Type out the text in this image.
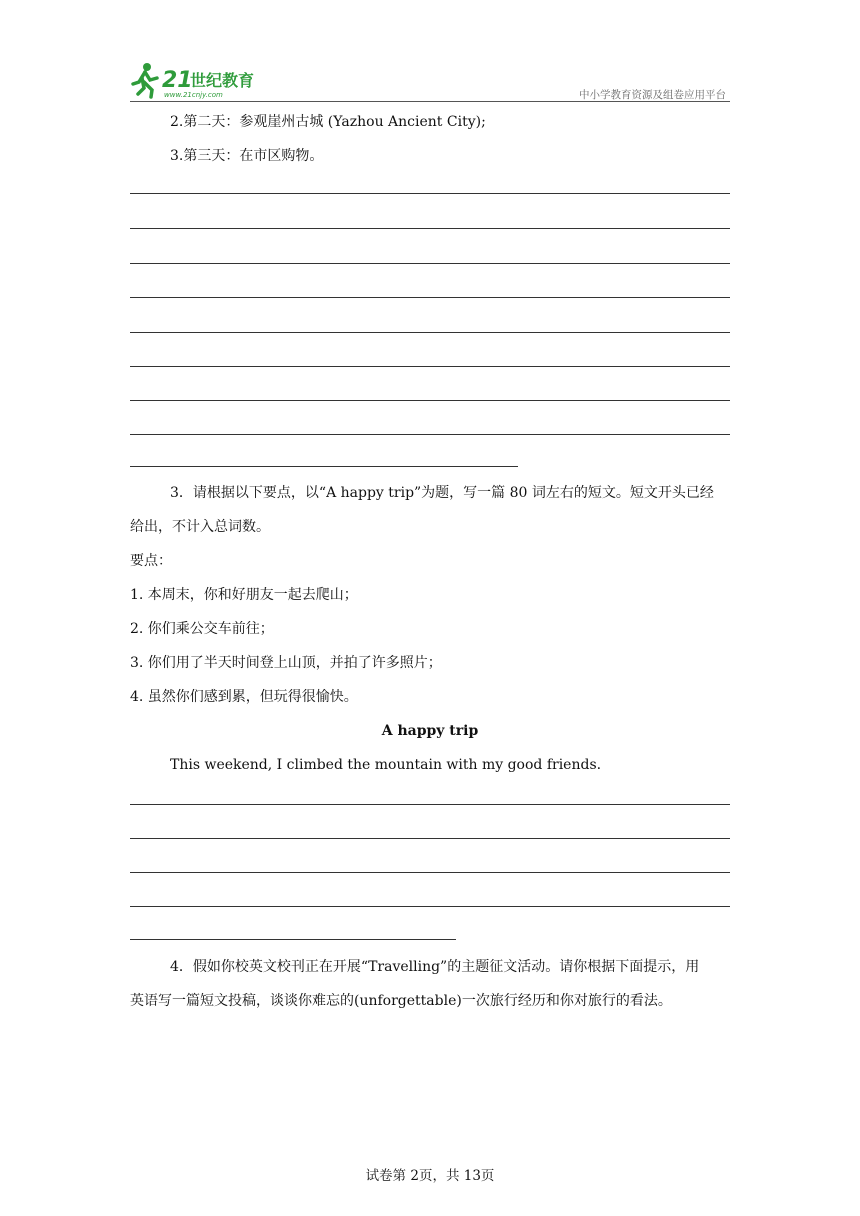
21
世纪教育
www.21cnjy.com	中小学教育资源及组卷应用平台
2.第二天：参观崖州古城 (Yazhou Ancient City);
3.第三天：在市区购物。
3．请根据以下要点，以“A happy trip”为题，写一篇 80 词左右的短文。短文开头已经
给出，不计入总词数。
要点：
1. 本周末，你和好朋友一起去爬山；
2. 你们乘公交车前往；
3. 你们用了半天时间登上山顶，并拍了许多照片；
4. 虽然你们感到累，但玩得很愉快。
A happy trip
This weekend, I climbed the mountain with my good friends.
4．假如你校英文校刊正在开展“Travelling”的主题征文活动。请你根据下面提示，用
英语写一篇短文投稿，谈谈你难忘的(unforgettable)一次旅行经历和你对旅行的看法。
试卷第 2页，共 13页
